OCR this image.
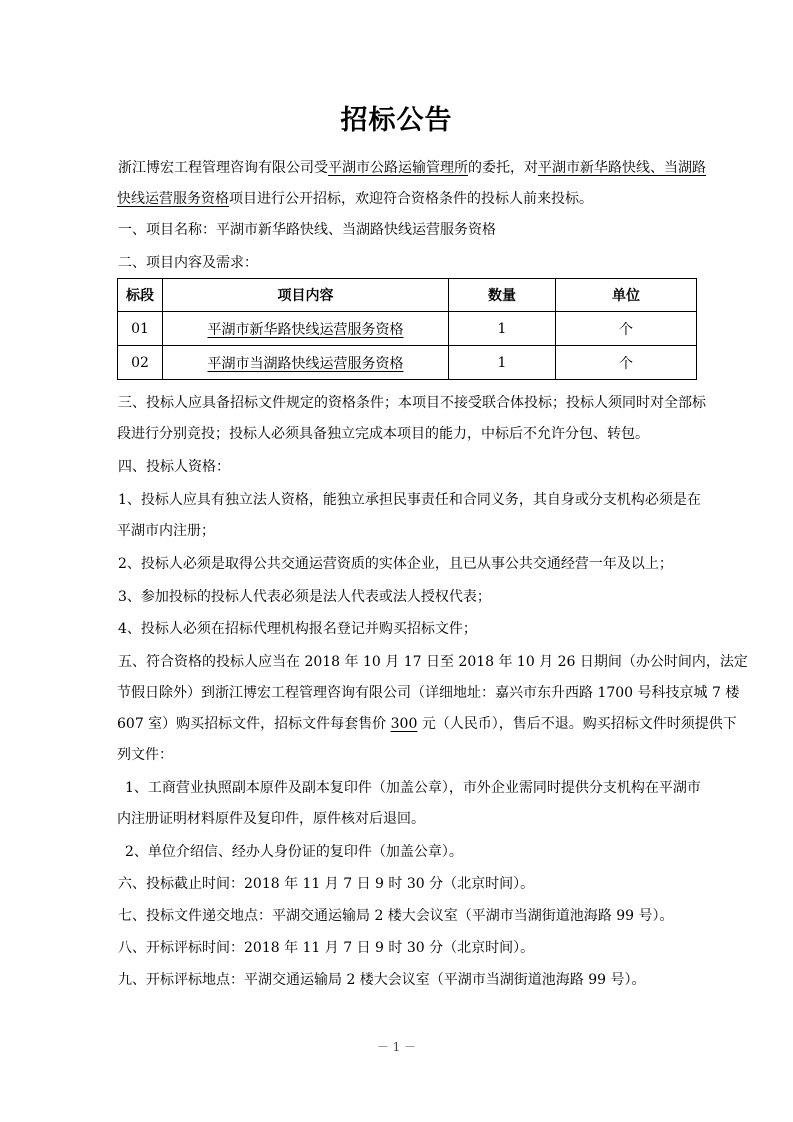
招标公告
浙江博宏工程管理咨询有限公司受平湖市公路运输管理所的委托，对平湖市新华路快线、当湖路
快线运营服务资格项目进行公开招标，欢迎符合资格条件的投标人前来投标。
一、项目名称：平湖市新华路快线、当湖路快线运营服务资格
二、项目内容及需求：
标段	项目内容	数量	单位
01	平湖市新华路快线运营服务资格	1	个
02	平湖市当湖路快线运营服务资格	1	个
三、投标人应具备招标文件规定的资格条件；本项目不接受联合体投标；投标人须同时对全部标
段进行分别竞投；投标人必须具备独立完成本项目的能力，中标后不允许分包、转包。
四、投标人资格：
1、投标人应具有独立法人资格，能独立承担民事责任和合同义务，其自身或分支机构必须是在
平湖市内注册；
2、投标人必须是取得公共交通运营资质的实体企业，且已从事公共交通经营一年及以上；
3、参加投标的投标人代表必须是法人代表或法人授权代表；
4、投标人必须在招标代理机构报名登记并购买招标文件；
五、符合资格的投标人应当在 2018 年 10 月 17 日至 2018 年 10 月 26 日期间（办公时间内，法定
节假日除外）到浙江博宏工程管理咨询有限公司（详细地址：嘉兴市东升西路 1700 号科技京城 7 楼
607 室）购买招标文件，招标文件每套售价 300 元（人民币），售后不退。购买招标文件时须提供下
列文件：
1、工商营业执照副本原件及副本复印件（加盖公章），市外企业需同时提供分支机构在平湖市
内注册证明材料原件及复印件，原件核对后退回。
2、单位介绍信、经办人身份证的复印件（加盖公章）。
六、投标截止时间：2018 年 11 月 7 日 9 时 30 分（北京时间）。
七、投标文件递交地点：平湖交通运输局 2 楼大会议室（平湖市当湖街道池海路 99 号）。
八、开标评标时间：2018 年 11 月 7 日 9 时 30 分（北京时间）。
九、开标评标地点：平湖交通运输局 2 楼大会议室（平湖市当湖街道池海路 99 号）。
－ 1 －
